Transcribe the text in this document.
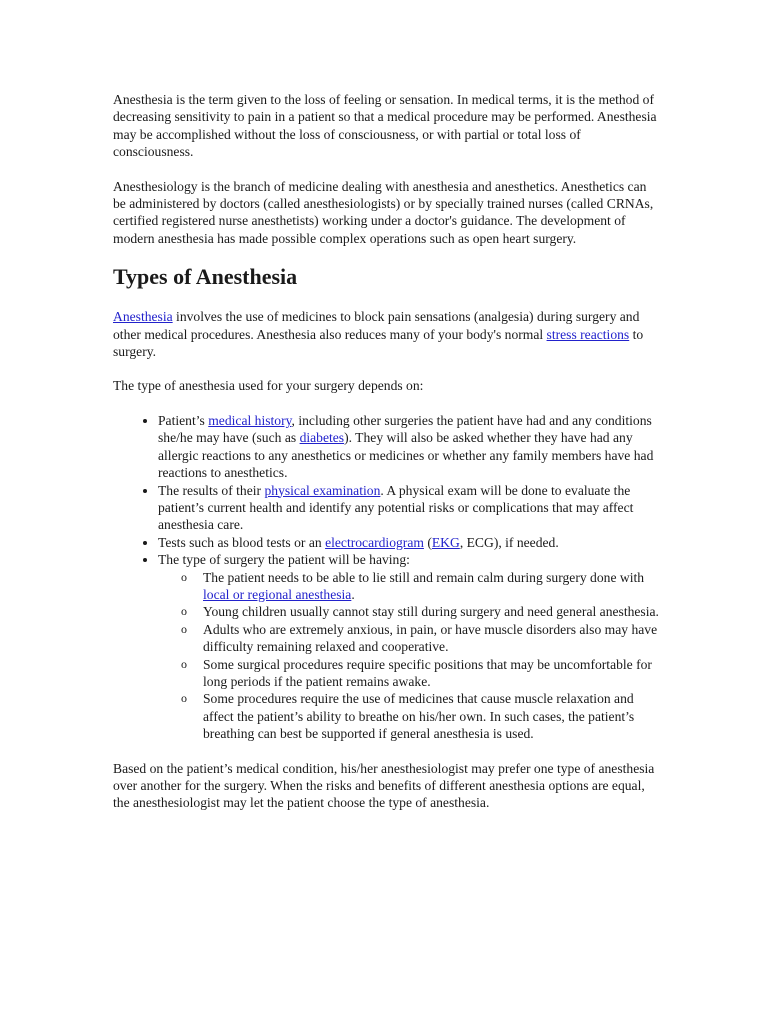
Anesthesia is the term given to the loss of feeling or sensation. In medical terms, it is the method of decreasing sensitivity to pain in a patient so that a medical procedure may be performed. Anesthesia may be accomplished without the loss of consciousness, or with partial or total loss of consciousness.

Anesthesiology is the branch of medicine dealing with anesthesia and anesthetics. Anesthetics can be administered by doctors (called anesthesiologists) or by specially trained nurses (called CRNAs, certified registered nurse anesthetists) working under a doctor's guidance. The development of modern anesthesia has made possible complex operations such as open heart surgery.

Types of Anesthesia

Anesthesia involves the use of medicines to block pain sensations (analgesia) during surgery and other medical procedures. Anesthesia also reduces many of your body's normal stress reactions to surgery.

The type of anesthesia used for your surgery depends on:

• Patient’s medical history, including other surgeries the patient have had and any conditions she/he may have (such as diabetes). They will also be asked whether they have had any allergic reactions to any anesthetics or medicines or whether any family members have had reactions to anesthetics.
• The results of their physical examination. A physical exam will be done to evaluate the patient’s current health and identify any potential risks or complications that may affect anesthesia care.
• Tests such as blood tests or an electrocardiogram (EKG, ECG), if needed.
• The type of surgery the patient will be having:
o The patient needs to be able to lie still and remain calm during surgery done with local or regional anesthesia.
o Young children usually cannot stay still during surgery and need general anesthesia.
o Adults who are extremely anxious, in pain, or have muscle disorders also may have difficulty remaining relaxed and cooperative.
o Some surgical procedures require specific positions that may be uncomfortable for long periods if the patient remains awake.
o Some procedures require the use of medicines that cause muscle relaxation and affect the patient’s ability to breathe on his/her own. In such cases, the patient’s breathing can best be supported if general anesthesia is used.

Based on the patient’s medical condition, his/her anesthesiologist may prefer one type of anesthesia over another for the surgery. When the risks and benefits of different anesthesia options are equal, the anesthesiologist may let the patient choose the type of anesthesia.
